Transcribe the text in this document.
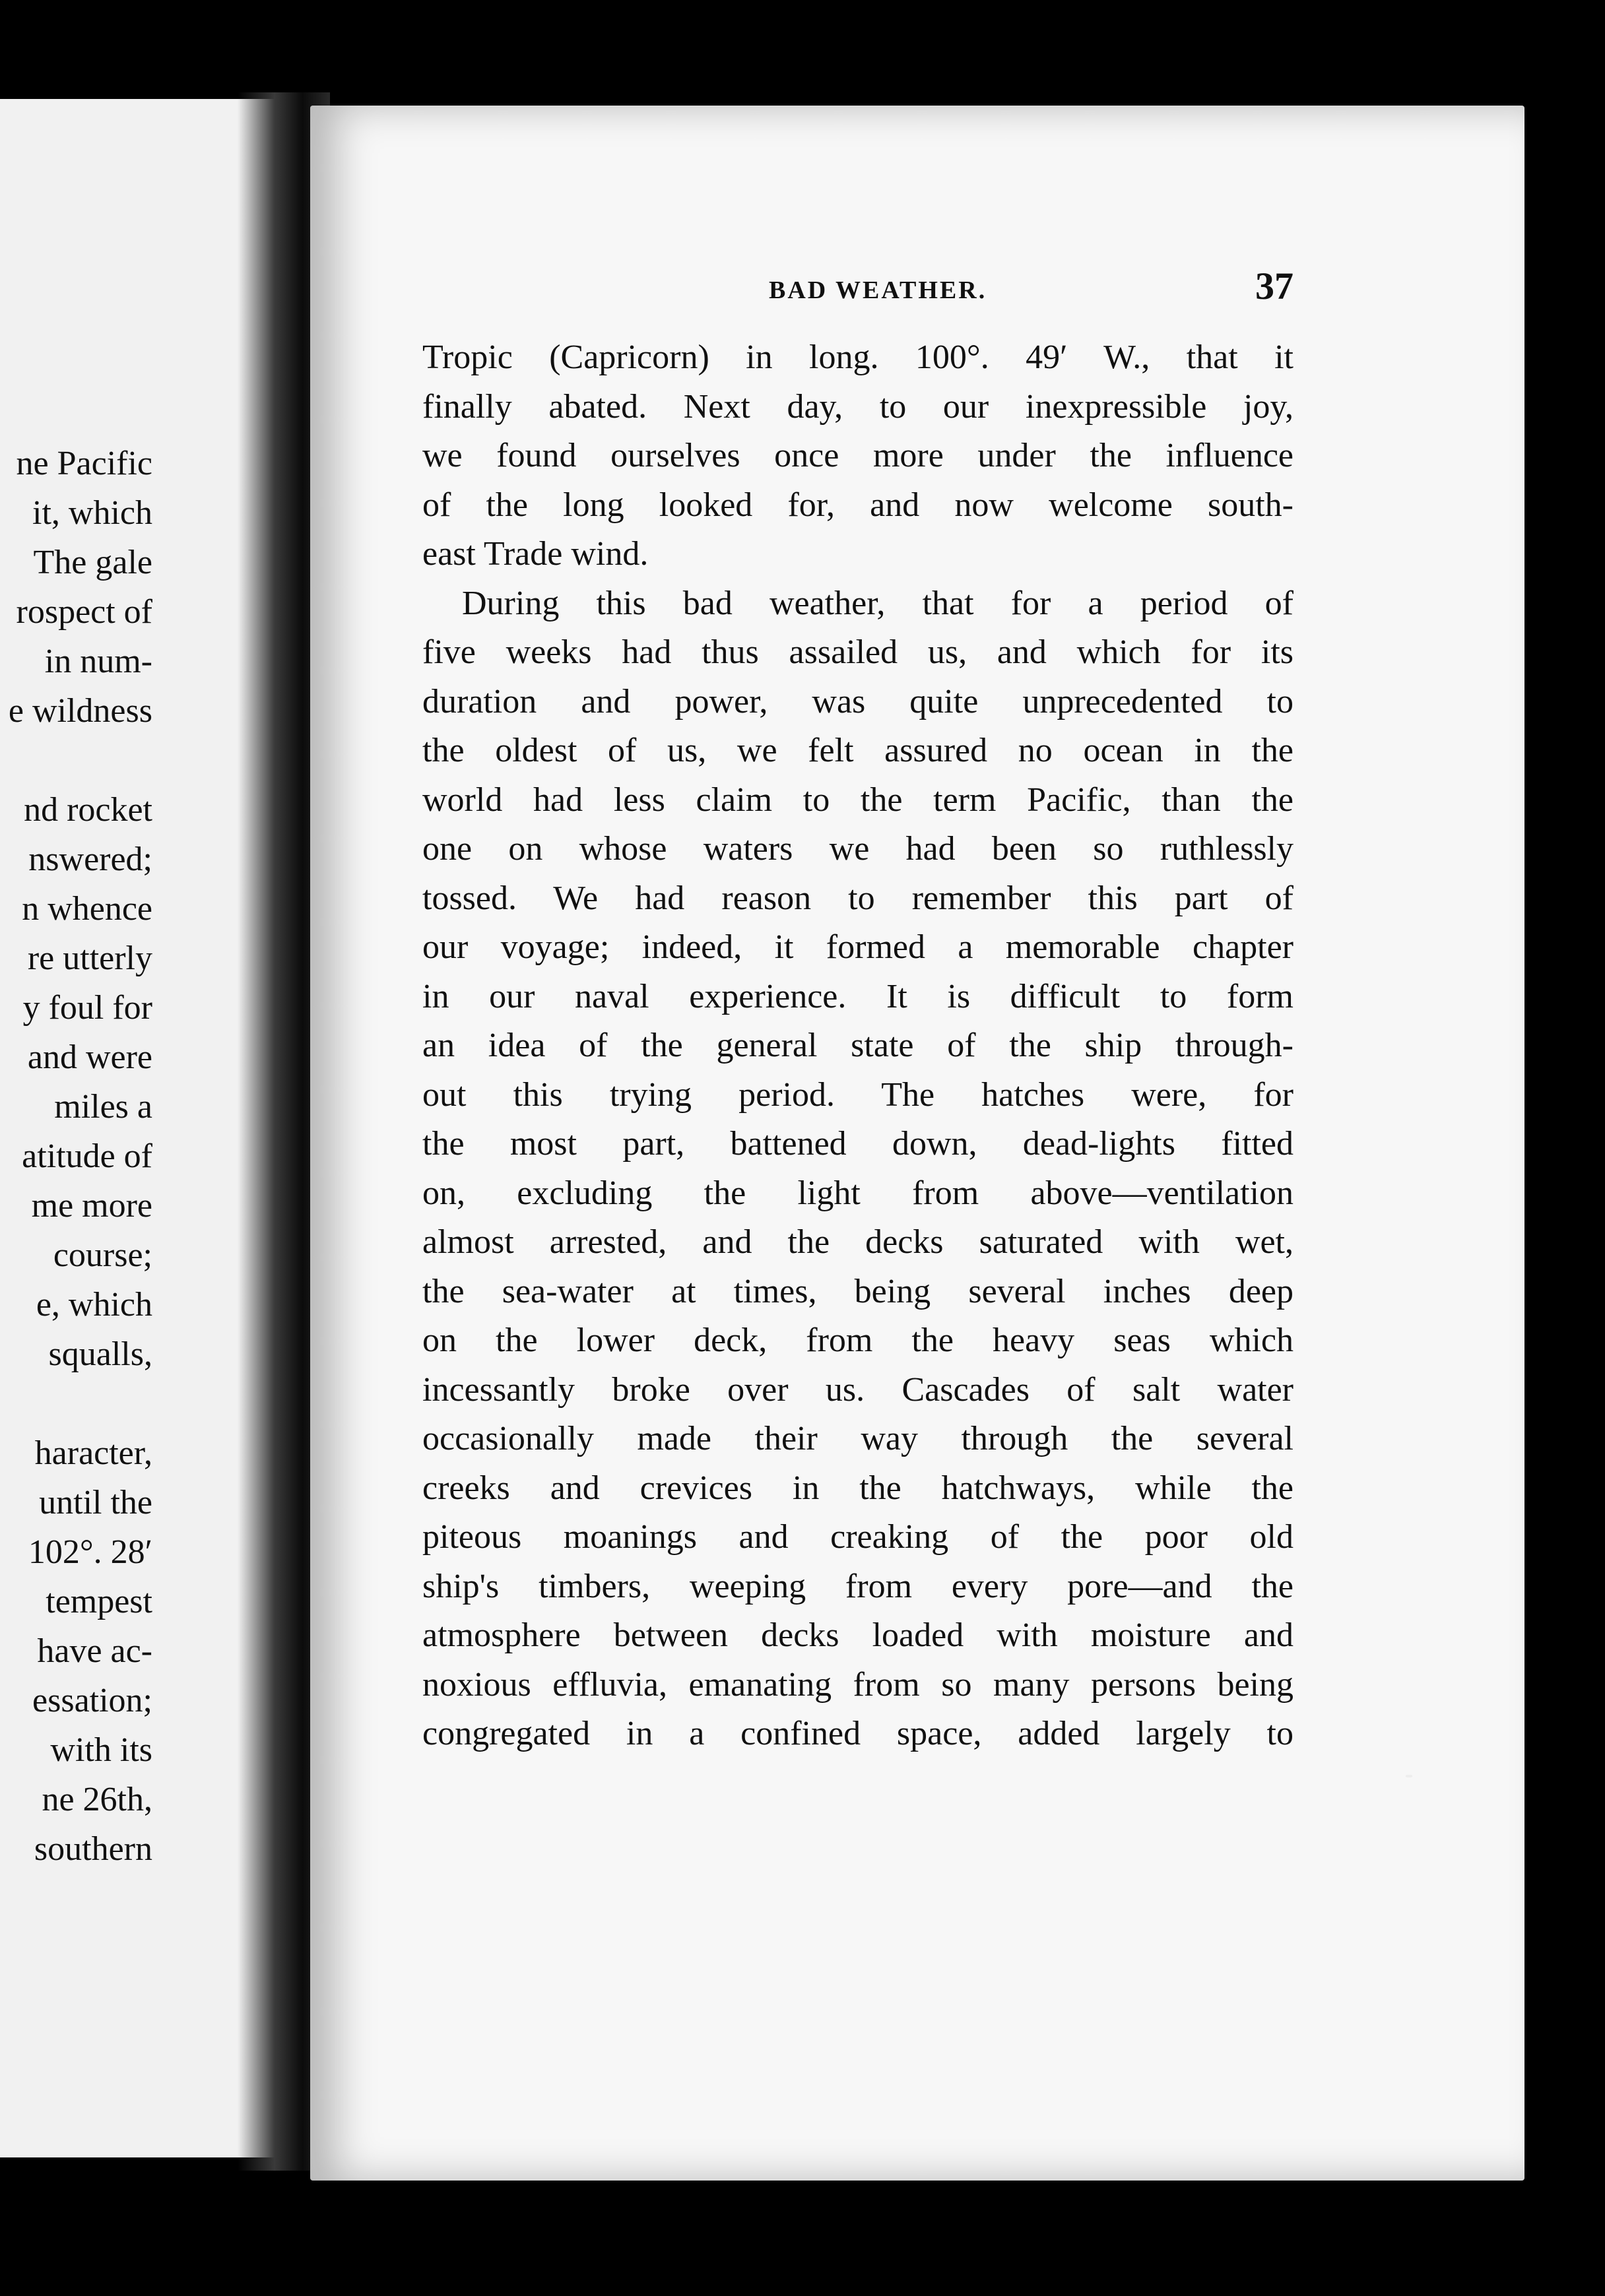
ne Pacific
it, which
The gale
rospect of
in num-
e wildness
nd rocket
nswered;
n whence
re utterly
y foul for
and were
miles a
atitude of
me more
course;
e, which
squalls,
haracter,
until the
102°. 28′
tempest
have ac-
essation;
with its
ne 26th,
southern
BAD WEATHER.	37
Tropic (Capricorn) in long. 100°. 49′ W., that it
finally abated. Next day, to our inexpressible joy,
we found ourselves once more under the influence
of the long looked for, and now welcome south-
east Trade wind.
During this bad weather, that for a period of
five weeks had thus assailed us, and which for its
duration and power, was quite unprecedented to
the oldest of us, we felt assured no ocean in the
world had less claim to the term Pacific, than the
one on whose waters we had been so ruthlessly
tossed. We had reason to remember this part of
our voyage; indeed, it formed a memorable chapter
in our naval experience. It is difficult to form
an idea of the general state of the ship through-
out this trying period. The hatches were, for
the most part, battened down, dead-lights fitted
on, excluding the light from above—ventilation
almost arrested, and the decks saturated with wet,
the sea-water at times, being several inches deep
on the lower deck, from the heavy seas which
incessantly broke over us. Cascades of salt water
occasionally made their way through the several
creeks and crevices in the hatchways, while the
piteous moanings and creaking of the poor old
ship's timbers, weeping from every pore—and the
atmosphere between decks loaded with moisture and
noxious effluvia, emanating from so many persons being
congregated in a confined space, added largely to
